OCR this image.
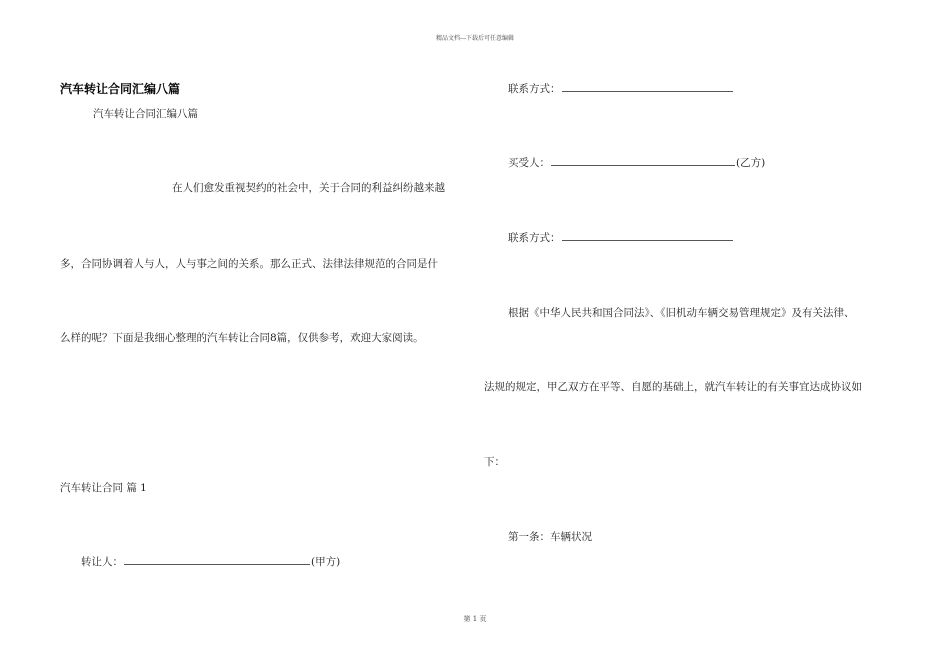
精品文档---下载后可任意编辑
汽车转让合同汇编八篇
汽车转让合同汇编八篇
在人们愈发重视契约的社会中，关于合同的利益纠纷越来越
多，合同协调着人与人，人与事之间的关系。那么正式、法律法律规范的合同是什
么样的呢？下面是我细心整理的汽车转让合同8篇，仅供参考，欢迎大家阅读。
汽车转让合同 篇 1
转让人：	(甲方)
联系方式：
买受人：	(乙方)
联系方式：
根据《中华人民共和国合同法》、《旧机动车辆交易管理规定》及有关法律、
法规的规定，甲乙双方在平等、自愿的基础上，就汽车转让的有关事宜达成协议如
下：
第一条：车辆状况
第 1 页
